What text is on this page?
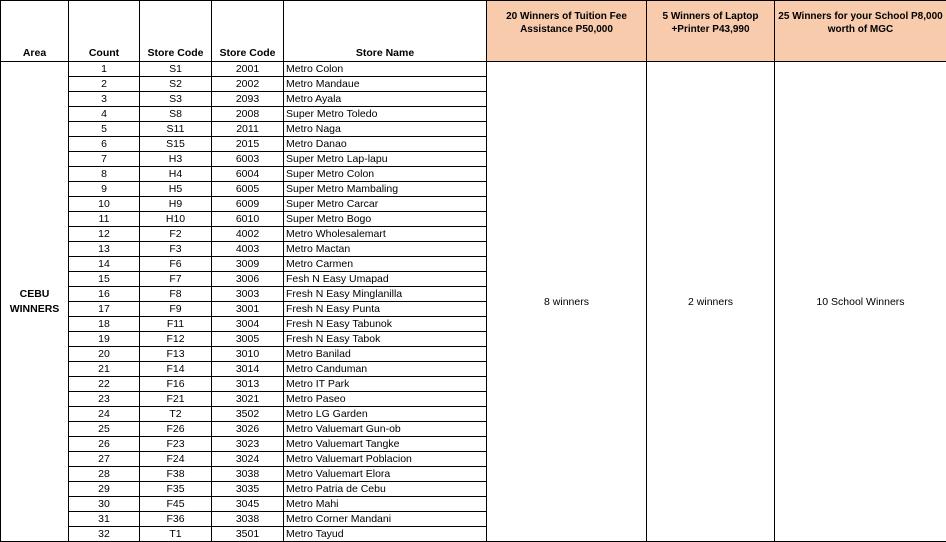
Area	Count	Store Code	Store Code	Store Name	20 Winners of Tuition Fee Assistance P50,000	5 Winners of Laptop +Printer P43,990	25 Winners for your School P8,000 worth of MGC
CEBU WINNERS	1	S1	2001	Metro Colon	8 winners	2 winners	10 School Winners
	2	S2	2002	Metro Mandaue			
	3	S3	2093	Metro Ayala			
	4	S8	2008	Super Metro Toledo			
	5	S11	2011	Metro Naga			
	6	S15	2015	Metro Danao			
	7	H3	6003	Super Metro Lap-lapu			
	8	H4	6004	Super Metro Colon			
	9	H5	6005	Super Metro Mambaling			
	10	H9	6009	Super Metro Carcar			
	11	H10	6010	Super Metro Bogo			
	12	F2	4002	Metro Wholesalemart			
	13	F3	4003	Metro Mactan			
	14	F6	3009	Metro Carmen			
	15	F7	3006	Fesh N Easy Umapad			
	16	F8	3003	Fresh N Easy Minglanilla			
	17	F9	3001	Fresh N Easy Punta			
	18	F11	3004	Fresh N Easy Tabunok			
	19	F12	3005	Fresh N Easy Tabok			
	20	F13	3010	Metro Banilad			
	21	F14	3014	Metro Canduman			
	22	F16	3013	Metro IT Park			
	23	F21	3021	Metro Paseo			
	24	T2	3502	Metro LG Garden			
	25	F26	3026	Metro Valuemart Gun-ob			
	26	F23	3023	Metro Valuemart Tangke			
	27	F24	3024	Metro Valuemart Poblacion			
	28	F38	3038	Metro Valuemart Elora			
	29	F35	3035	Metro Patria de Cebu			
	30	F45	3045	Metro Mahi			
	31	F36	3038	Metro Corner Mandani			
	32	T1	3501	Metro Tayud			
